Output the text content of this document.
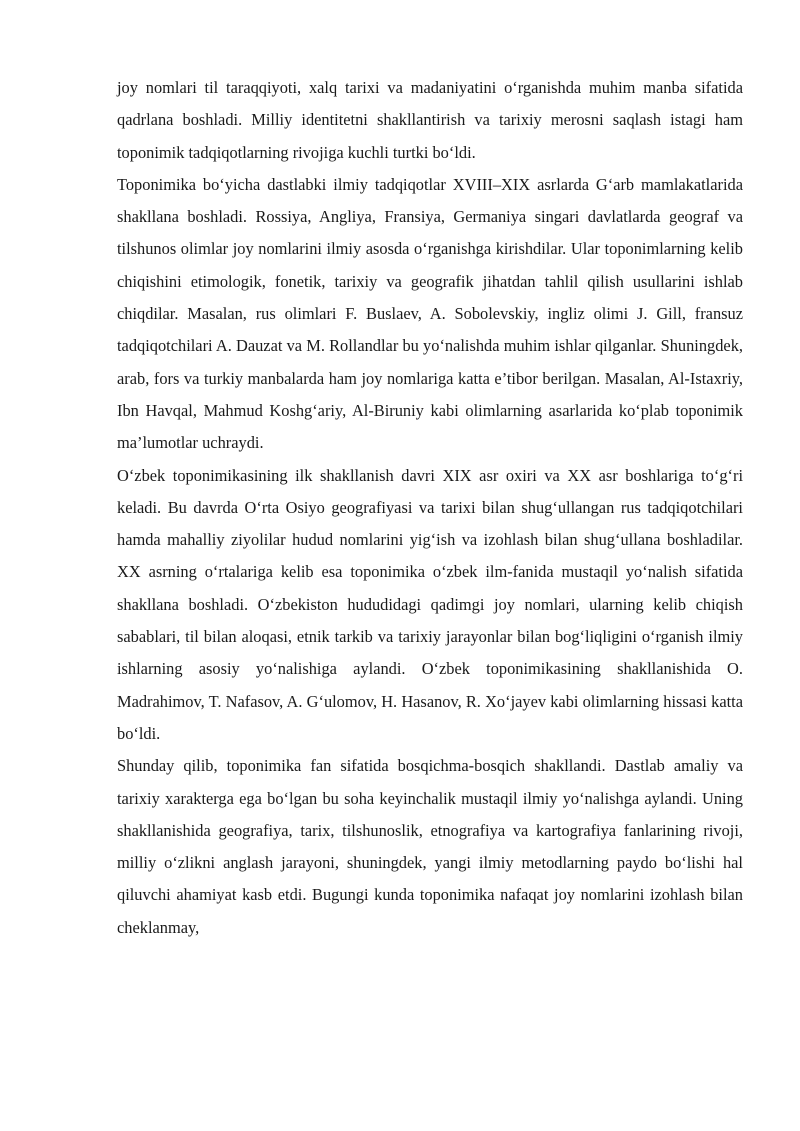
joy nomlari til taraqqiyoti, xalq tarixi va madaniyatini o‘rganishda muhim manba sifatida qadrlana boshladi. Milliy identitetni shakllantirish va tarixiy merosni saqlash istagi ham toponimik tadqiqotlarning rivojiga kuchli turtki bo‘ldi.

Toponimika bo‘yicha dastlabki ilmiy tadqiqotlar XVIII–XIX asrlarda G‘arb mamlakatlarida shakllana boshladi. Rossiya, Angliya, Fransiya, Germaniya singari davlatlarda geograf va tilshunos olimlar joy nomlarini ilmiy asosda o‘rganishga kirishdilar. Ular toponimlarning kelib chiqishini etimologik, fonetik, tarixiy va geografik jihatdan tahlil qilish usullarini ishlab chiqdilar. Masalan, rus olimlari F. Buslaev, A. Sobolevskiy, ingliz olimi J. Gill, fransuz tadqiqotchilari A. Dauzat va M. Rollandlar bu yo‘nalishda muhim ishlar qilganlar. Shuningdek, arab, fors va turkiy manbalarda ham joy nomlariga katta e’tibor berilgan. Masalan, Al-Istaxriy, Ibn Havqal, Mahmud Koshg‘ariy, Al-Biruniy kabi olimlarning asarlarida ko‘plab toponimik ma’lumotlar uchraydi.

O‘zbek toponimikasining ilk shakllanish davri XIX asr oxiri va XX asr boshlariga to‘g‘ri keladi. Bu davrda O‘rta Osiyo geografiyasi va tarixi bilan shug‘ullangan rus tadqiqotchilari hamda mahalliy ziyolilar hudud nomlarini yig‘ish va izohlash bilan shug‘ullana boshladilar. XX asrning o‘rtalariga kelib esa toponimika o‘zbek ilm-fanida mustaqil yo‘nalish sifatida shakllana boshladi. O‘zbekiston hududidagi qadimgi joy nomlari, ularning kelib chiqish sabablari, til bilan aloqasi, etnik tarkib va tarixiy jarayonlar bilan bog‘liqligini o‘rganish ilmiy ishlarning asosiy yo‘nalishiga aylandi. O‘zbek toponimikasining shakllanishida O. Madrahimov, T. Nafasov, A. G‘ulomov, H. Hasanov, R. Xo‘jayev kabi olimlarning hissasi katta bo‘ldi.

Shunday qilib, toponimika fan sifatida bosqichma-bosqich shakllandi. Dastlab amaliy va tarixiy xarakterga ega bo‘lgan bu soha keyinchalik mustaqil ilmiy yo‘nalishga aylandi. Uning shakllanishida geografiya, tarix, tilshunoslik, etnografiya va kartografiya fanlarining rivoji, milliy o‘zlikni anglash jarayoni, shuningdek, yangi ilmiy metodlarning paydo bo‘lishi hal qiluvchi ahamiyat kasb etdi. Bugungi kunda toponimika nafaqat joy nomlarini izohlash bilan cheklanmay,
